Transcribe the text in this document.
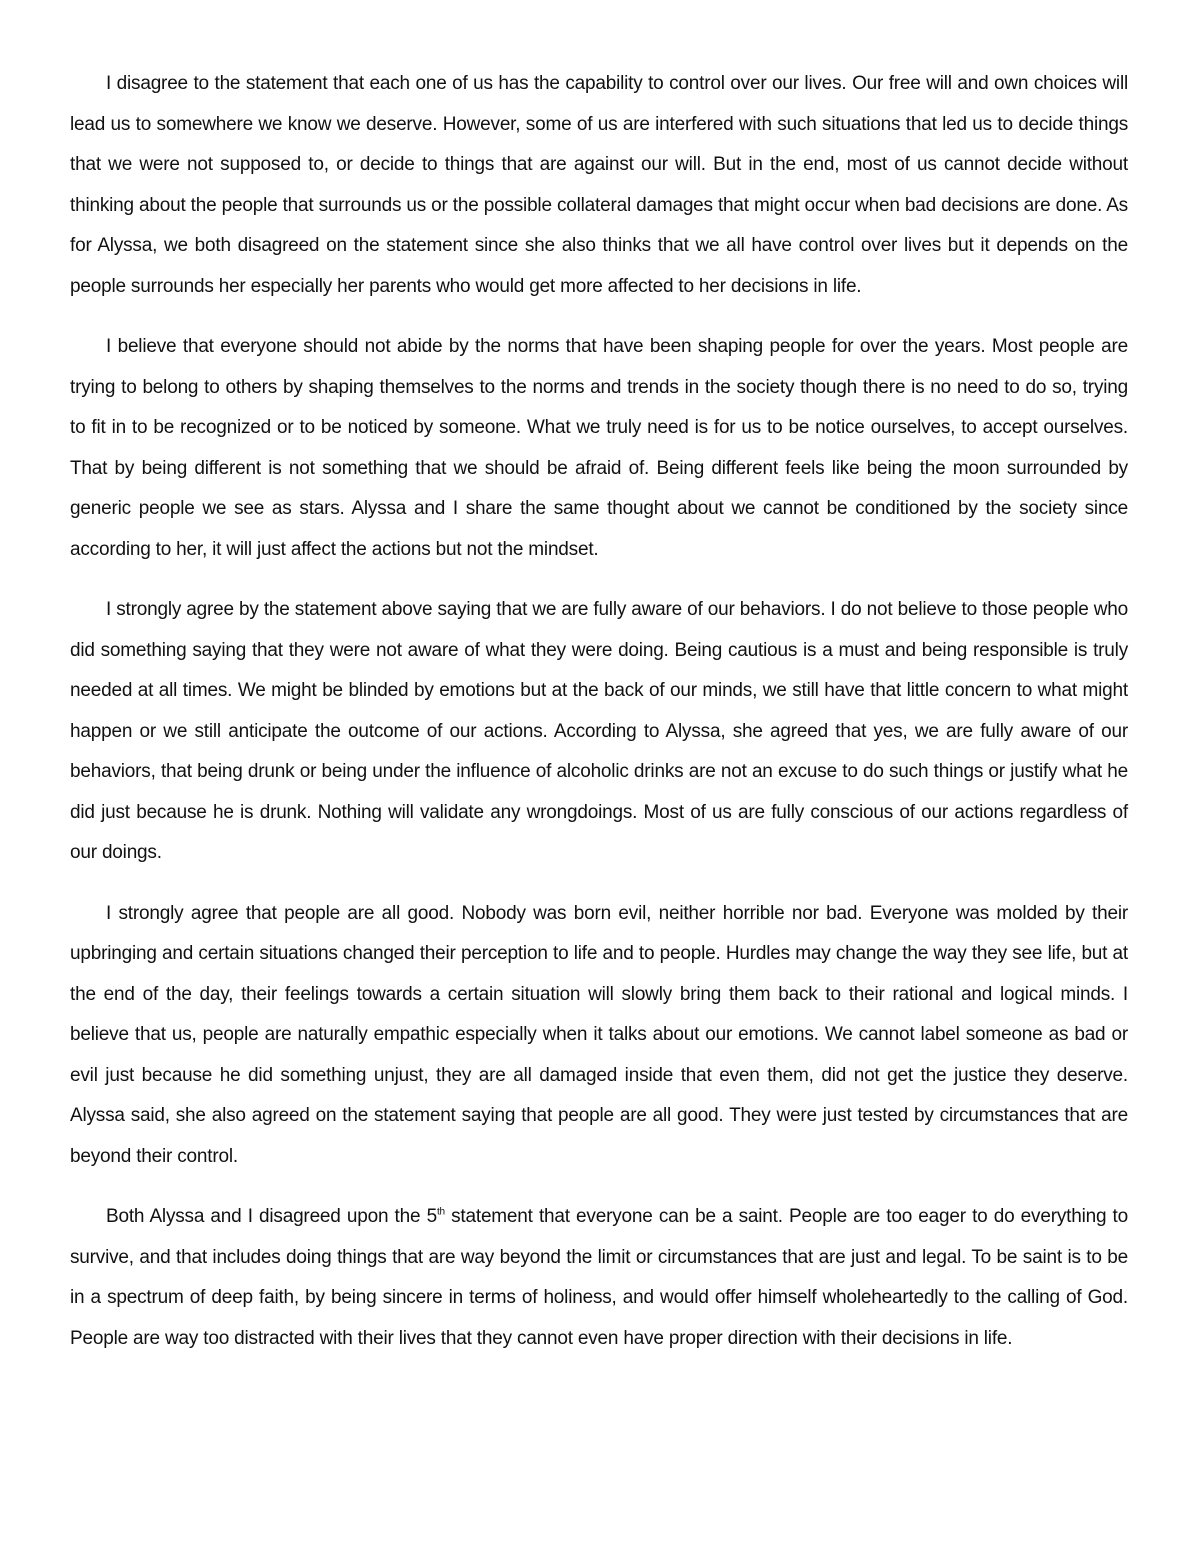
I disagree to the statement that each one of us has the capability to control over our lives. Our free will and own choices will lead us to somewhere we know we deserve. However, some of us are interfered with such situations that led us to decide things that we were not supposed to, or decide to things that are against our will. But in the end, most of us cannot decide without thinking about the people that surrounds us or the possible collateral damages that might occur when bad decisions are done. As for Alyssa, we both disagreed on the statement since she also thinks that we all have control over lives but it depends on the people surrounds her especially her parents who would get more affected to her decisions in life.

I believe that everyone should not abide by the norms that have been shaping people for over the years. Most people are trying to belong to others by shaping themselves to the norms and trends in the society though there is no need to do so, trying to fit in to be recognized or to be noticed by someone. What we truly need is for us to be notice ourselves, to accept ourselves. That by being different is not something that we should be afraid of. Being different feels like being the moon surrounded by generic people we see as stars. Alyssa and I share the same thought about we cannot be conditioned by the society since according to her, it will just affect the actions but not the mindset.

I strongly agree by the statement above saying that we are fully aware of our behaviors. I do not believe to those people who did something saying that they were not aware of what they were doing. Being cautious is a must and being responsible is truly needed at all times. We might be blinded by emotions but at the back of our minds, we still have that little concern to what might happen or we still anticipate the outcome of our actions. According to Alyssa, she agreed that yes, we are fully aware of our behaviors, that being drunk or being under the influence of alcoholic drinks are not an excuse to do such things or justify what he did just because he is drunk. Nothing will validate any wrongdoings. Most of us are fully conscious of our actions regardless of our doings.

I strongly agree that people are all good. Nobody was born evil, neither horrible nor bad. Everyone was molded by their upbringing and certain situations changed their perception to life and to people. Hurdles may change the way they see life, but at the end of the day, their feelings towards a certain situation will slowly bring them back to their rational and logical minds. I believe that us, people are naturally empathic especially when it talks about our emotions. We cannot label someone as bad or evil just because he did something unjust, they are all damaged inside that even them, did not get the justice they deserve. Alyssa said, she also agreed on the statement saying that people are all good. They were just tested by circumstances that are beyond their control.

Both Alyssa and I disagreed upon the 5th statement that everyone can be a saint. People are too eager to do everything to survive, and that includes doing things that are way beyond the limit or circumstances that are just and legal. To be saint is to be in a spectrum of deep faith, by being sincere in terms of holiness, and would offer himself wholeheartedly to the calling of God. People are way too distracted with their lives that they cannot even have proper direction with their decisions in life.
